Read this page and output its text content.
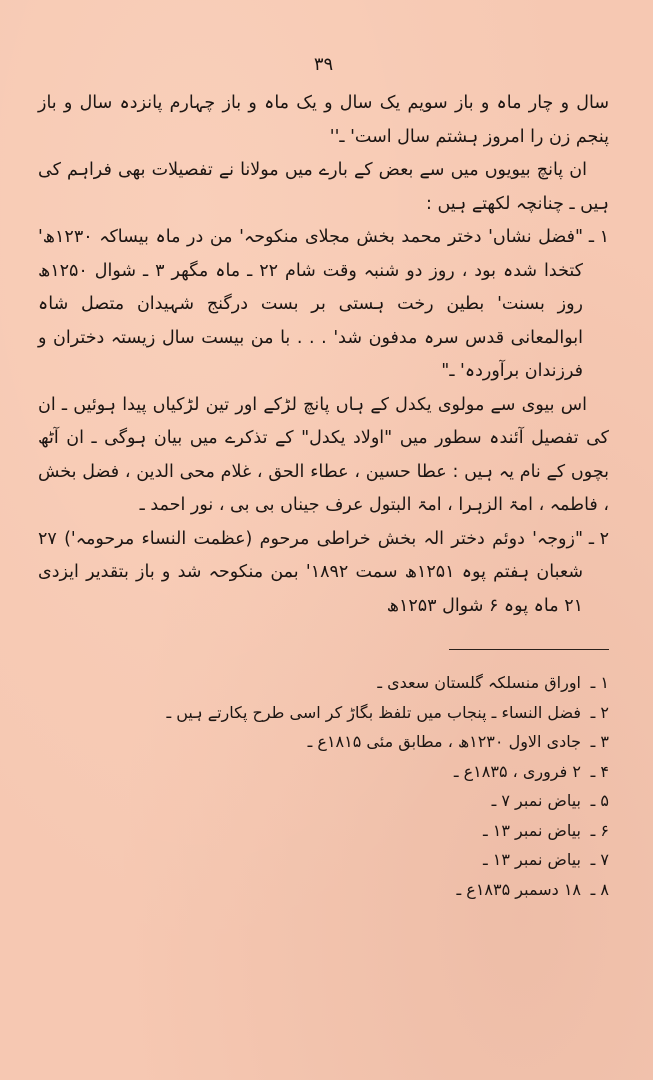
۳۹

سال و چار ماہ و باز سویم یک سال و یک ماہ و باز چہارم پانزدہ سال و باز پنجم زن را امروز ہشتم سال است' ـ''

ان پانچ بیویوں میں سے بعض کے بارے میں مولانا نے تفصیلات بھی فراہم کی ہیں ـ چنانچہ لکھتے ہیں :

۱ ـ

"فضل نشاں' دختر محمد بخش مجلای منکوحہ' من در ماہ بیساکہ ۱۲۳۰ھ' کتخدا شدہ بود ، روز دو شنبہ وقت شام ۲۲ ـ ماہ مگھر ۳ ـ شوال ۱۲۵۰ھ روز بسنت' بطین رخت ہستی بر بست درگنج شہیدان متصل شاہ ابوالمعانی قدس سرہ مدفون شد' . . . با من بیست سال زیستہ دختران و فرزندان برآوردہ' ـ"

اس بیوی سے مولوی یکدل کے ہاں پانچ لڑکے اور تین لڑکیاں پیدا ہوئیں ـ ان کی تفصیل آئندہ سطور میں "اولاد یکدل" کے تذکرے میں بیان ہوگی ـ ان آٹھ بچوں کے نام یہ ہیں : عطا حسین ، عطاء الحق ، غلام محی الدین ، فضل بخش ، فاطمہ ، امۃ الزہرا ، امۃ البتول عرف جیناں بی بی ، نور احمد ـ

۲ ـ

"زوجہ' دوئم دختر الہ بخش خراطی مرحوم (عظمت النساء مرحومہ') ۲۷ شعبان ہفتم پوہ ۱۲۵۱ھ سمت ۱۸۹۲' بمن منکوحہ شد و باز بتقدیر ایزدی ۲۱ ماہ پوہ ۶ شوال ۱۲۵۳ھ

۱ ـ
اوراق منسلکہ گلستان سعدی ـ
۲ ـ
فضل النساء ـ پنجاب میں تلفظ بگاڑ کر اسی طرح پکارتے ہیں ـ
۳ ـ
جادی الاول ۱۲۳۰ھ ، مطابق مئی ۱۸۱۵ع ـ
۴ ـ
۲ فروری ، ۱۸۳۵ع ـ
۵ ـ
بیاض نمبر ۷ ـ
۶ ـ
بیاض نمبر ۱۳ ـ
۷ ـ
بیاض نمبر ۱۳ ـ
۸ ـ
۱۸ دسمبر ۱۸۳۵ع ـ
